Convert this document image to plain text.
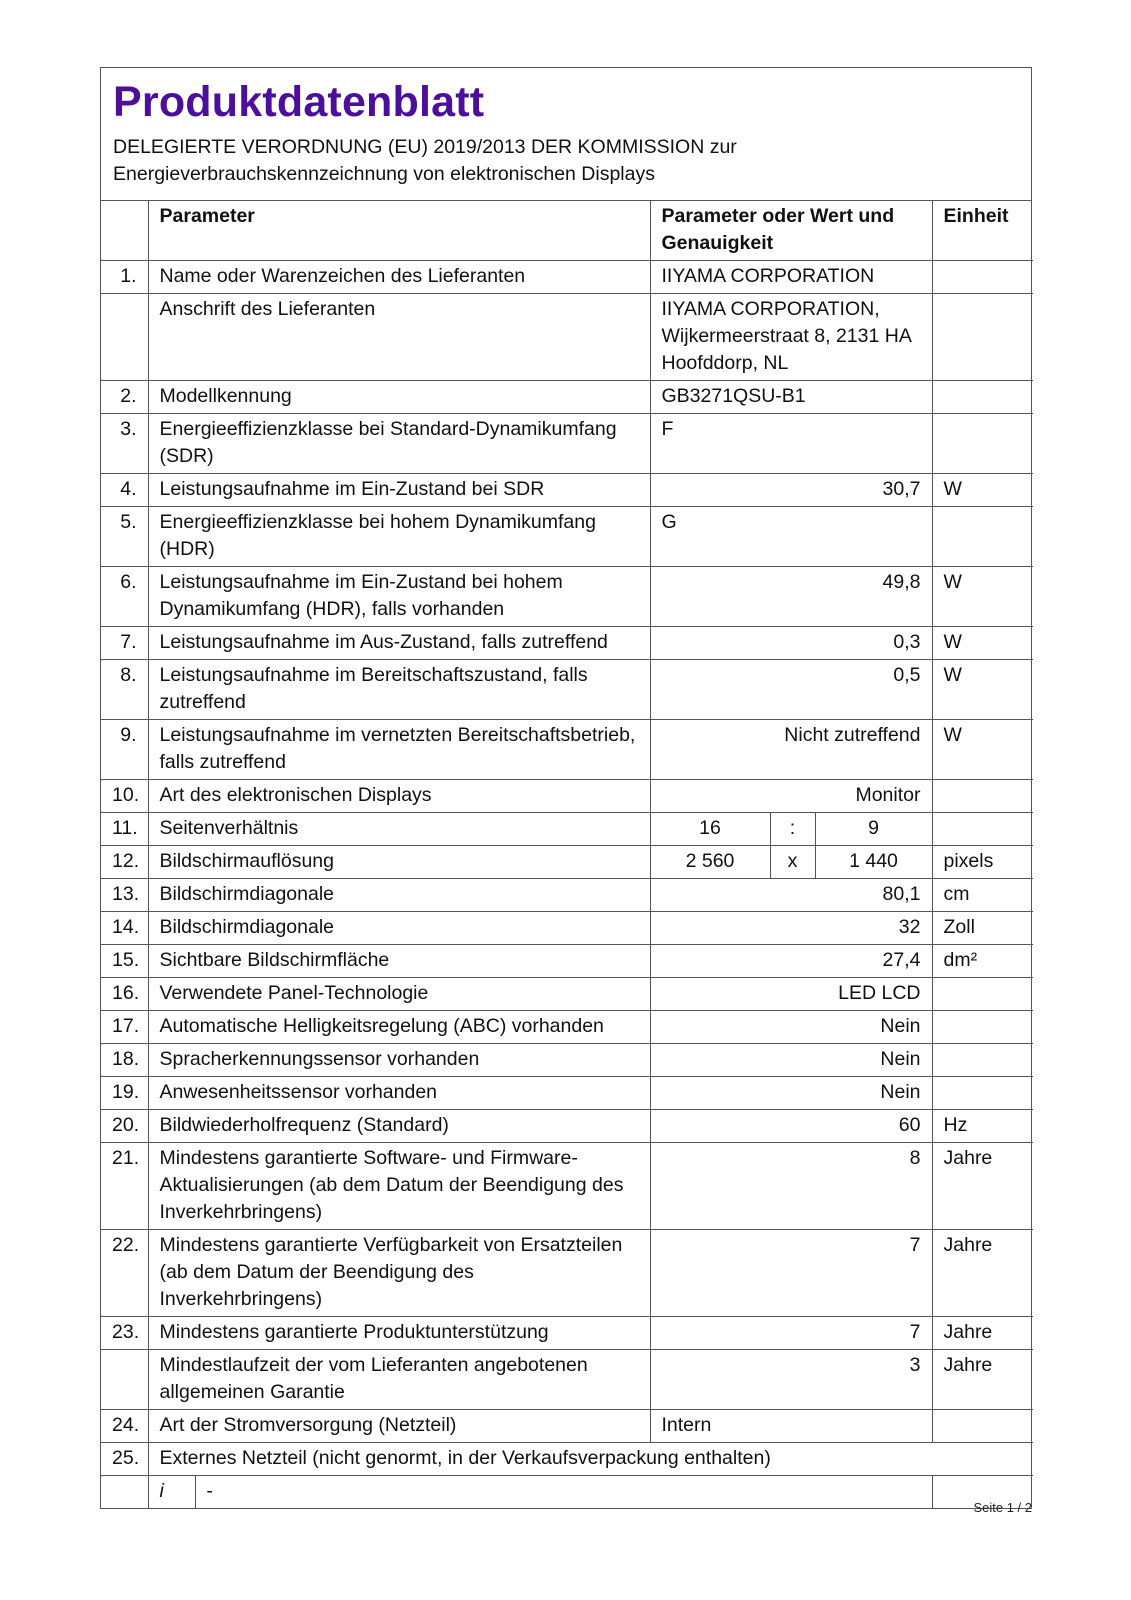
Produktdatenblatt
DELEGIERTE VERORDNUNG (EU) 2019/2013 DER KOMMISSION zur
Energieverbrauchskennzeichnung von elektronischen Displays
	Parameter		Parameter oder Wert und Genauigkeit			Einheit
1.	Name oder Warenzeichen des Lieferanten		IIYAMA CORPORATION			
	Anschrift des Lieferanten		IIYAMA CORPORATION, Wijkermeerstraat 8, 2131 HA Hoofddorp, NL			
2.	Modellkennung		GB3271QSU-B1			
3.	Energieeffizienzklasse bei Standard-Dynamikumfang (SDR)		F			
4.	Leistungsaufnahme im Ein-Zustand bei SDR		30,7			W
5.	Energieeffizienzklasse bei hohem Dynamikumfang (HDR)		G			
6.	Leistungsaufnahme im Ein-Zustand bei hohem Dynamikumfang (HDR), falls vorhanden		49,8			W
7.	Leistungsaufnahme im Aus-Zustand, falls zutreffend		0,3			W
8.	Leistungsaufnahme im Bereitschaftszustand, falls zutreffend		0,5			W
9.	Leistungsaufnahme im vernetzten Bereitschaftsbetrieb, falls zutreffend		Nicht zutreffend			W
10.	Art des elektronischen Displays		Monitor			
11.	Seitenverhältnis		16	:	9	
12.	Bildschirmauflösung		2 560	x	1 440	pixels
13.	Bildschirmdiagonale		80,1			cm
14.	Bildschirmdiagonale		32			Zoll
15.	Sichtbare Bildschirmfläche		27,4			dm²
16.	Verwendete Panel-Technologie		LED LCD			
17.	Automatische Helligkeitsregelung (ABC) vorhanden		Nein			
18.	Spracherkennungssensor vorhanden		Nein			
19.	Anwesenheitssensor vorhanden		Nein			
20.	Bildwiederholfrequenz (Standard)		60			Hz
21.	Mindestens garantierte Software- und Firmware-Aktualisierungen (ab dem Datum der Beendigung des Inverkehrbringens)		8			Jahre
22.	Mindestens garantierte Verfügbarkeit von Ersatzteilen (ab dem Datum der Beendigung des Inverkehrbringens)		7			Jahre
23.	Mindestens garantierte Produktunterstützung		7			Jahre
	Mindestlaufzeit der vom Lieferanten angebotenen allgemeinen Garantie		3			Jahre
24.	Art der Stromversorgung (Netzteil)		Intern			
25.	Externes Netzteil (nicht genormt, in der Verkaufsverpackung enthalten)					
	i	-				
Seite 1 / 2
